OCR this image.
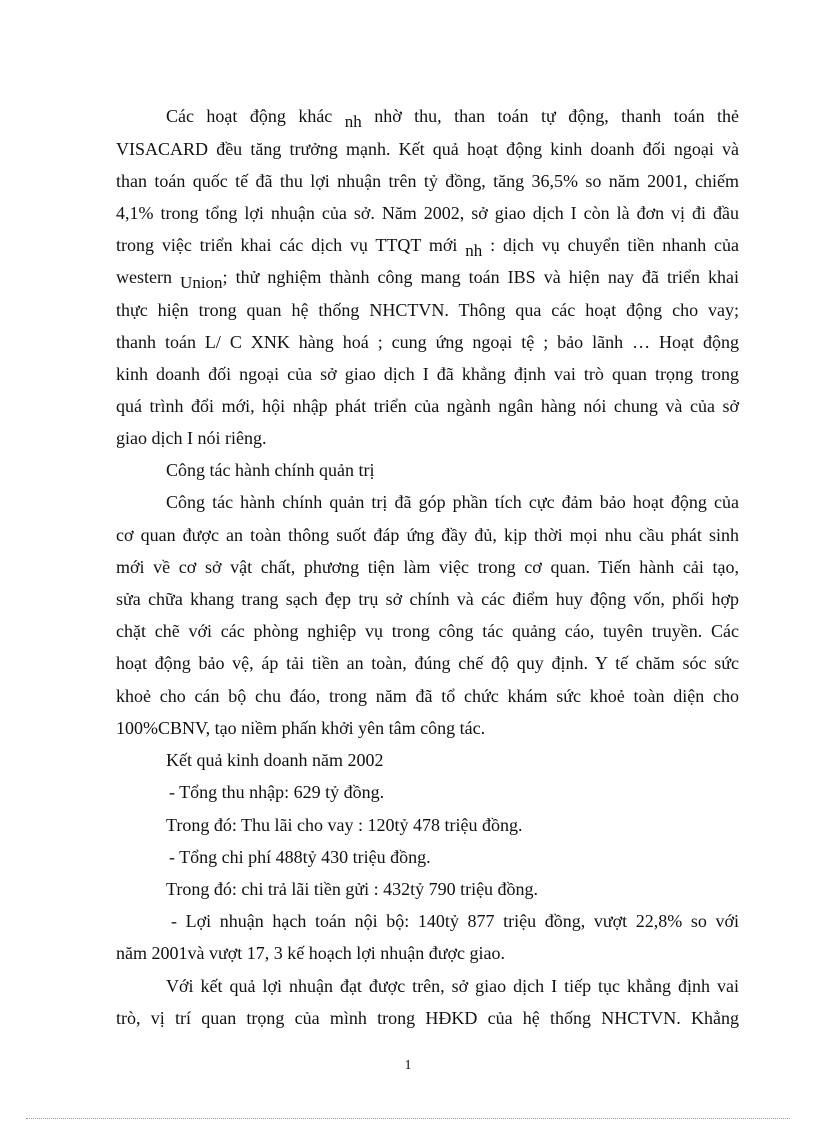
Các hoạt động khác nh nhờ thu, than toán tự động, thanh toán thẻ
VISACARD đều tăng trưởng mạnh. Kết quả hoạt động kinh doanh đối ngoại và
than toán quốc tế đã thu lợi nhuận trên tỷ đồng, tăng 36,5% so năm 2001, chiếm
4,1% trong tổng lợi nhuận của sở. Năm 2002, sở giao dịch I còn là đơn vị đi đầu
trong việc triển khai các dịch vụ TTQT mới nh : dịch vụ chuyển tiền nhanh của
western Union; thử nghiệm thành công mang toán IBS và hiện nay đã triển khai
thực hiện trong quan hệ thống NHCTVN. Thông qua các hoạt động cho vay;
thanh toán L/ C XNK hàng hoá ; cung ứng ngoại tệ ; bảo lãnh … Hoạt động
kinh doanh đối ngoại của sở giao dịch I đã khẳng định vai trò quan trọng trong
quá trình đổi mới, hội nhập phát triển của ngành ngân hàng nói chung và của sở
giao dịch I nói riêng.
Công tác hành chính quản trị
Công tác hành chính quản trị đã góp phần tích cực đảm bảo hoạt động của
cơ quan được an toàn thông suốt đáp ứng đầy đủ, kịp thời mọi nhu cầu phát sinh
mới về cơ sở vật chất, phương tiện làm việc trong cơ quan. Tiến hành cải tạo,
sửa chữa khang trang sạch đẹp trụ sở chính và các điểm huy động vốn, phối hợp
chặt chẽ với các phòng nghiệp vụ trong công tác quảng cáo, tuyên truyền. Các
hoạt động bảo vệ, áp tải tiền an toàn, đúng chế độ quy định. Y tế chăm sóc sức
khoẻ cho cán bộ chu đáo, trong năm đã tổ chức khám sức khoẻ toàn diện cho
100%CBNV, tạo niềm phấn khởi yên tâm công tác.
Kết quả kinh doanh năm 2002
- Tổng thu nhập: 629 tỷ đồng.
Trong đó: Thu lãi cho vay : 120tỷ 478 triệu đồng.
- Tổng chi phí 488tỷ 430 triệu đồng.
Trong đó: chi trả lãi tiền gửi : 432tỷ 790 triệu đồng.
- Lợi nhuận hạch toán nội bộ: 140tỷ 877 triệu đồng, vượt 22,8% so với
năm 2001và vượt 17, 3 kế hoạch lợi nhuận được giao.
Với kết quả lợi nhuận đạt được trên, sở giao dịch I tiếp tục khẳng định vai
trò, vị trí quan trọng của mình trong HĐKD của hệ thống NHCTVN. Khẳng
1
